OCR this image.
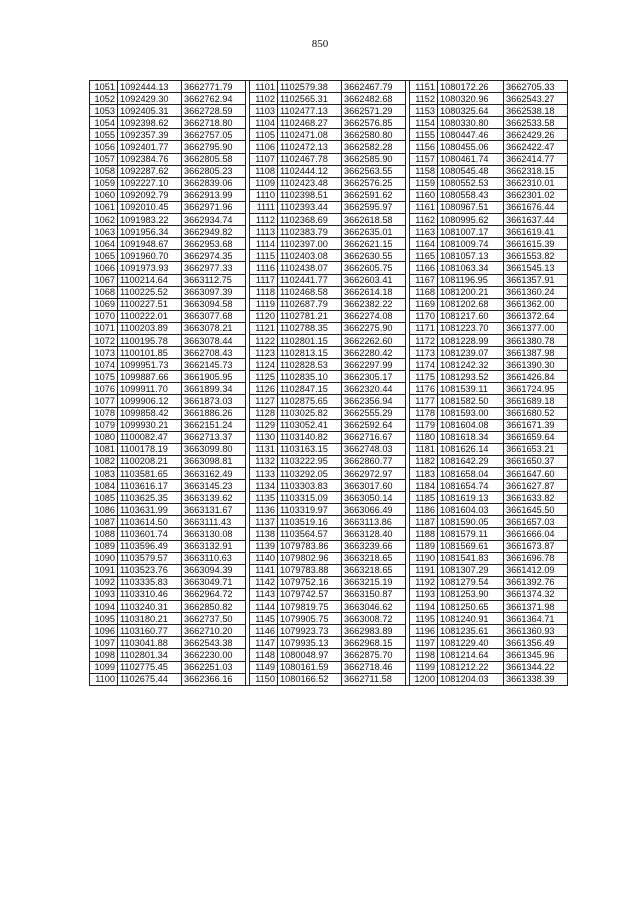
850
1051	1092444.13	3662771.79		1101	1102579.38	3662467.79		1151	1080172.26	3662705.33
1052	1092429.30	3662762.94		1102	1102565.31	3662482.68		1152	1080320.96	3662543.27
1053	1092405.31	3662728.59		1103	1102477.13	3662571.29		1153	1080325.64	3662538.18
1054	1092398.62	3662718.80		1104	1102468.27	3662576.85		1154	1080330.80	3662533.58
1055	1092357.39	3662757.05		1105	1102471.08	3662580.80		1155	1080447.46	3662429.26
1056	1092401.77	3662795.90		1106	1102472.13	3662582.28		1156	1080455.06	3662422.47
1057	1092384.76	3662805.58		1107	1102467.78	3662585.90		1157	1080461.74	3662414.77
1058	1092287.62	3662805.23		1108	1102444.12	3662563.55		1158	1080545.48	3662318.15
1059	1092227.10	3662839.06		1109	1102423.48	3662576.25		1159	1080552.53	3662310.01
1060	1092092.79	3662913.99		1110	1102398.51	3662591.62		1160	1080558.43	3662301.02
1061	1092010.45	3662971.96		1111	1102393.44	3662595.97		1161	1080967.51	3661676.44
1062	1091983.22	3662934.74		1112	1102368.69	3662618.58		1162	1080995.62	3661637.44
1063	1091956.34	3662949.82		1113	1102383.79	3662635.01		1163	1081007.17	3661619.41
1064	1091948.67	3662953.68		1114	1102397.00	3662621.15		1164	1081009.74	3661615.39
1065	1091960.70	3662974.35		1115	1102403.08	3662630.55		1165	1081057.13	3661553.82
1066	1091973.93	3662977.33		1116	1102438.07	3662605.75		1166	1081063.34	3661545.13
1067	1100214.64	3663112.75		1117	1102441.77	3662603.41		1167	1081196.95	3661357.91
1068	1100225.52	3663097.39		1118	1102468.58	3662614.18		1168	1081200.21	3661360.24
1069	1100227.51	3663094.58		1119	1102687.79	3662382.22		1169	1081202.68	3661362.00
1070	1100222.01	3663077.68		1120	1102781.21	3662274.08		1170	1081217.60	3661372.64
1071	1100203.89	3663078.21		1121	1102788.35	3662275.90		1171	1081223.70	3661377.00
1072	1100195.78	3663078.44		1122	1102801.15	3662262.60		1172	1081228.99	3661380.78
1073	1100101.85	3662708.43		1123	1102813.15	3662280.42		1173	1081239.07	3661387.98
1074	1099951.73	3662145.73		1124	1102828.53	3662297.99		1174	1081242.32	3661390.30
1075	1099887.66	3661905.95		1125	1102835.10	3662305.17		1175	1081293.52	3661426.84
1076	1099911.70	3661899.34		1126	1102847.15	3662320.44		1176	1081539.11	3661724.95
1077	1099906.12	3661873.03		1127	1102875.65	3662356.94		1177	1081582.50	3661689.18
1078	1099858.42	3661886.26		1128	1103025.82	3662555.29		1178	1081593.00	3661680.52
1079	1099930.21	3662151.24		1129	1103052.41	3662592.64		1179	1081604.08	3661671.39
1080	1100082.47	3662713.37		1130	1103140.82	3662716.67		1180	1081618.34	3661659.64
1081	1100178.19	3663099.80		1131	1103163.15	3662748.03		1181	1081626.14	3661653.21
1082	1100208.21	3663098.81		1132	1103222.95	3662860.77		1182	1081642.29	3661650.37
1083	1103581.65	3663162.49		1133	1103292.05	3662972.97		1183	1081658.04	3661647.60
1084	1103616.17	3663145.23		1134	1103303.83	3663017.60		1184	1081654.74	3661627.87
1085	1103625.35	3663139.62		1135	1103315.09	3663050.14		1185	1081619.13	3661633.82
1086	1103631.99	3663131.67		1136	1103319.97	3663066.49		1186	1081604.03	3661645.50
1087	1103614.50	3663111.43		1137	1103519.16	3663113.86		1187	1081590.05	3661657.03
1088	1103601.74	3663130.08		1138	1103564.57	3663128.40		1188	1081579.11	3661666.04
1089	1103596.49	3663132.91		1139	1079783.86	3663239.66		1189	1081569.61	3661673.87
1090	1103579.57	3663110.63		1140	1079802.96	3663218.65		1190	1081541.83	3661696.78
1091	1103523.76	3663094.39		1141	1079783.88	3663218.65		1191	1081307.29	3661412.09
1092	1103335.83	3663049.71		1142	1079752.16	3663215.19		1192	1081279.54	3661392.76
1093	1103310.46	3662964.72		1143	1079742.57	3663150.87		1193	1081253.90	3661374.32
1094	1103240.31	3662850.82		1144	1079819.75	3663046.62		1194	1081250.65	3661371.98
1095	1103180.21	3662737.50		1145	1079905.75	3663008.72		1195	1081240.91	3661364.71
1096	1103160.77	3662710.20		1146	1079923.73	3662983.89		1196	1081235.61	3661360.93
1097	1103041.88	3662543.38		1147	1079935.13	3662968.15		1197	1081229.40	3661356.49
1098	1102801.34	3662230.00		1148	1080048.97	3662875.70		1198	1081214.64	3661345.96
1099	1102775.45	3662251.03		1149	1080161.59	3662718.46		1199	1081212.22	3661344.22
1100	1102675.44	3662366.16		1150	1080166.52	3662711.58		1200	1081204.03	3661338.39
